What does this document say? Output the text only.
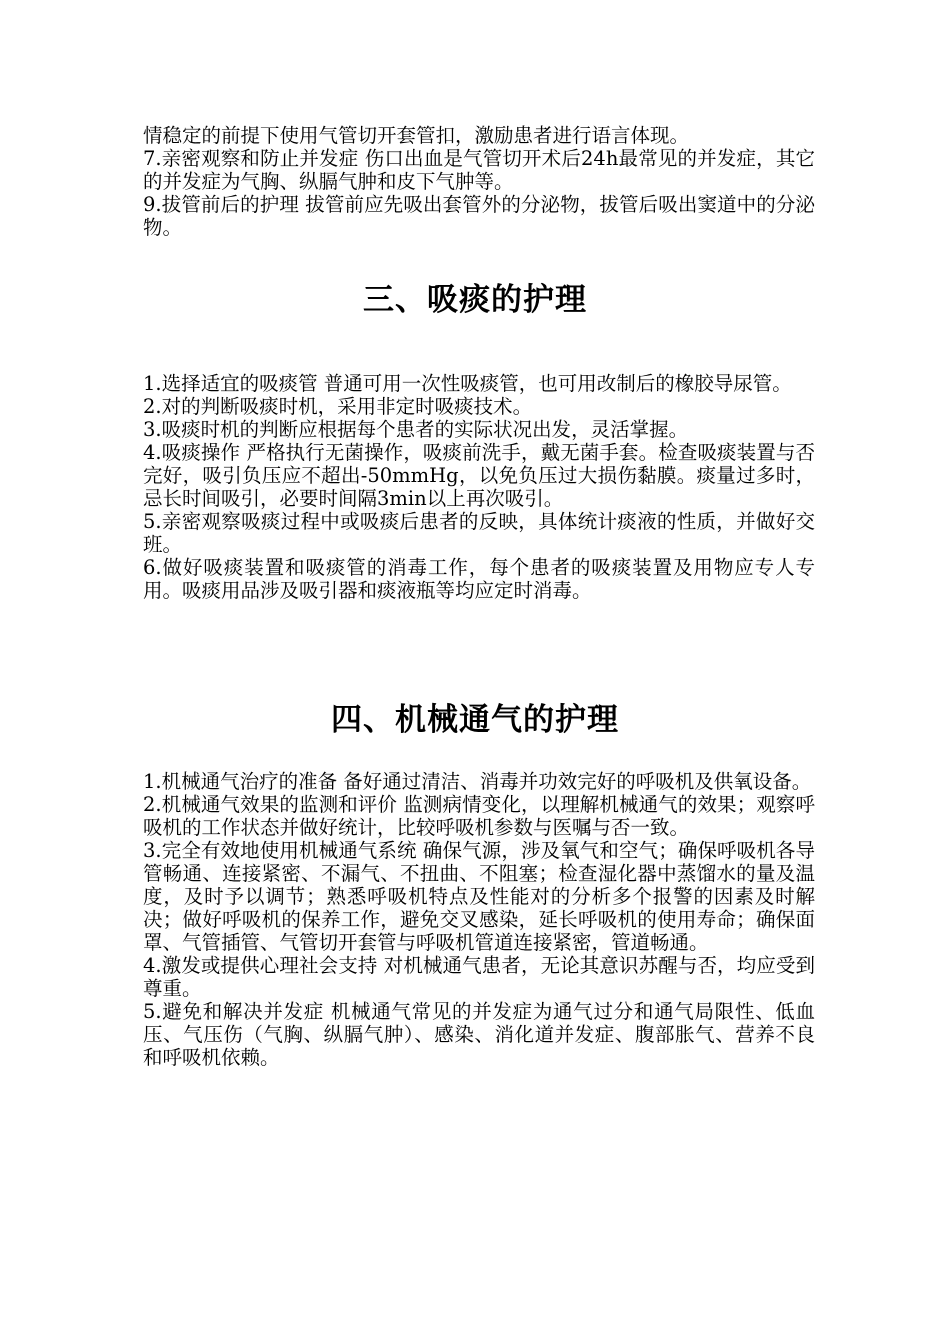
情稳定的前提下使用气管切开套管扣，激励患者进行语言体现。

7.亲密观察和防止并发症 伤口出血是气管切开术后24h最常见的并发症，其它的并发症为气胸、纵膈气肿和皮下气肿等。

9.拔管前后的护理 拔管前应先吸出套管外的分泌物，拔管后吸出窦道中的分泌物。

三、吸痰的护理

1.选择适宜的吸痰管 普通可用一次性吸痰管，也可用改制后的橡胶导尿管。

2.对的判断吸痰时机，采用非定时吸痰技术。

3.吸痰时机的判断应根据每个患者的实际状况出发，灵活掌握。

4.吸痰操作 严格执行无菌操作，吸痰前洗手，戴无菌手套。检查吸痰装置与否完好，吸引负压应不超出-50mmHg，以免负压过大损伤黏膜。痰量过多时，忌长时间吸引，必要时间隔3min以上再次吸引。

5.亲密观察吸痰过程中或吸痰后患者的反映，具体统计痰液的性质，并做好交班。

6.做好吸痰装置和吸痰管的消毒工作，每个患者的吸痰装置及用物应专人专用。吸痰用品涉及吸引器和痰液瓶等均应定时消毒。

四、机械通气的护理

1.机械通气治疗的准备 备好通过清洁、消毒并功效完好的呼吸机及供氧设备。

2.机械通气效果的监测和评价 监测病情变化，以理解机械通气的效果；观察呼吸机的工作状态并做好统计，比较呼吸机参数与医嘱与否一致。

3.完全有效地使用机械通气系统 确保气源，涉及氧气和空气；确保呼吸机各导管畅通、连接紧密、不漏气、不扭曲、不阻塞；检查湿化器中蒸馏水的量及温度，及时予以调节；熟悉呼吸机特点及性能对的分析多个报警的因素及时解决；做好呼吸机的保养工作，避免交叉感染，延长呼吸机的使用寿命；确保面罩、气管插管、气管切开套管与呼吸机管道连接紧密，管道畅通。

4.激发或提供心理社会支持 对机械通气患者，无论其意识苏醒与否，均应受到尊重。

5.避免和解决并发症 机械通气常见的并发症为通气过分和通气局限性、低血压、气压伤（气胸、纵膈气肿）、感染、消化道并发症、腹部胀气、营养不良和呼吸机依赖。
